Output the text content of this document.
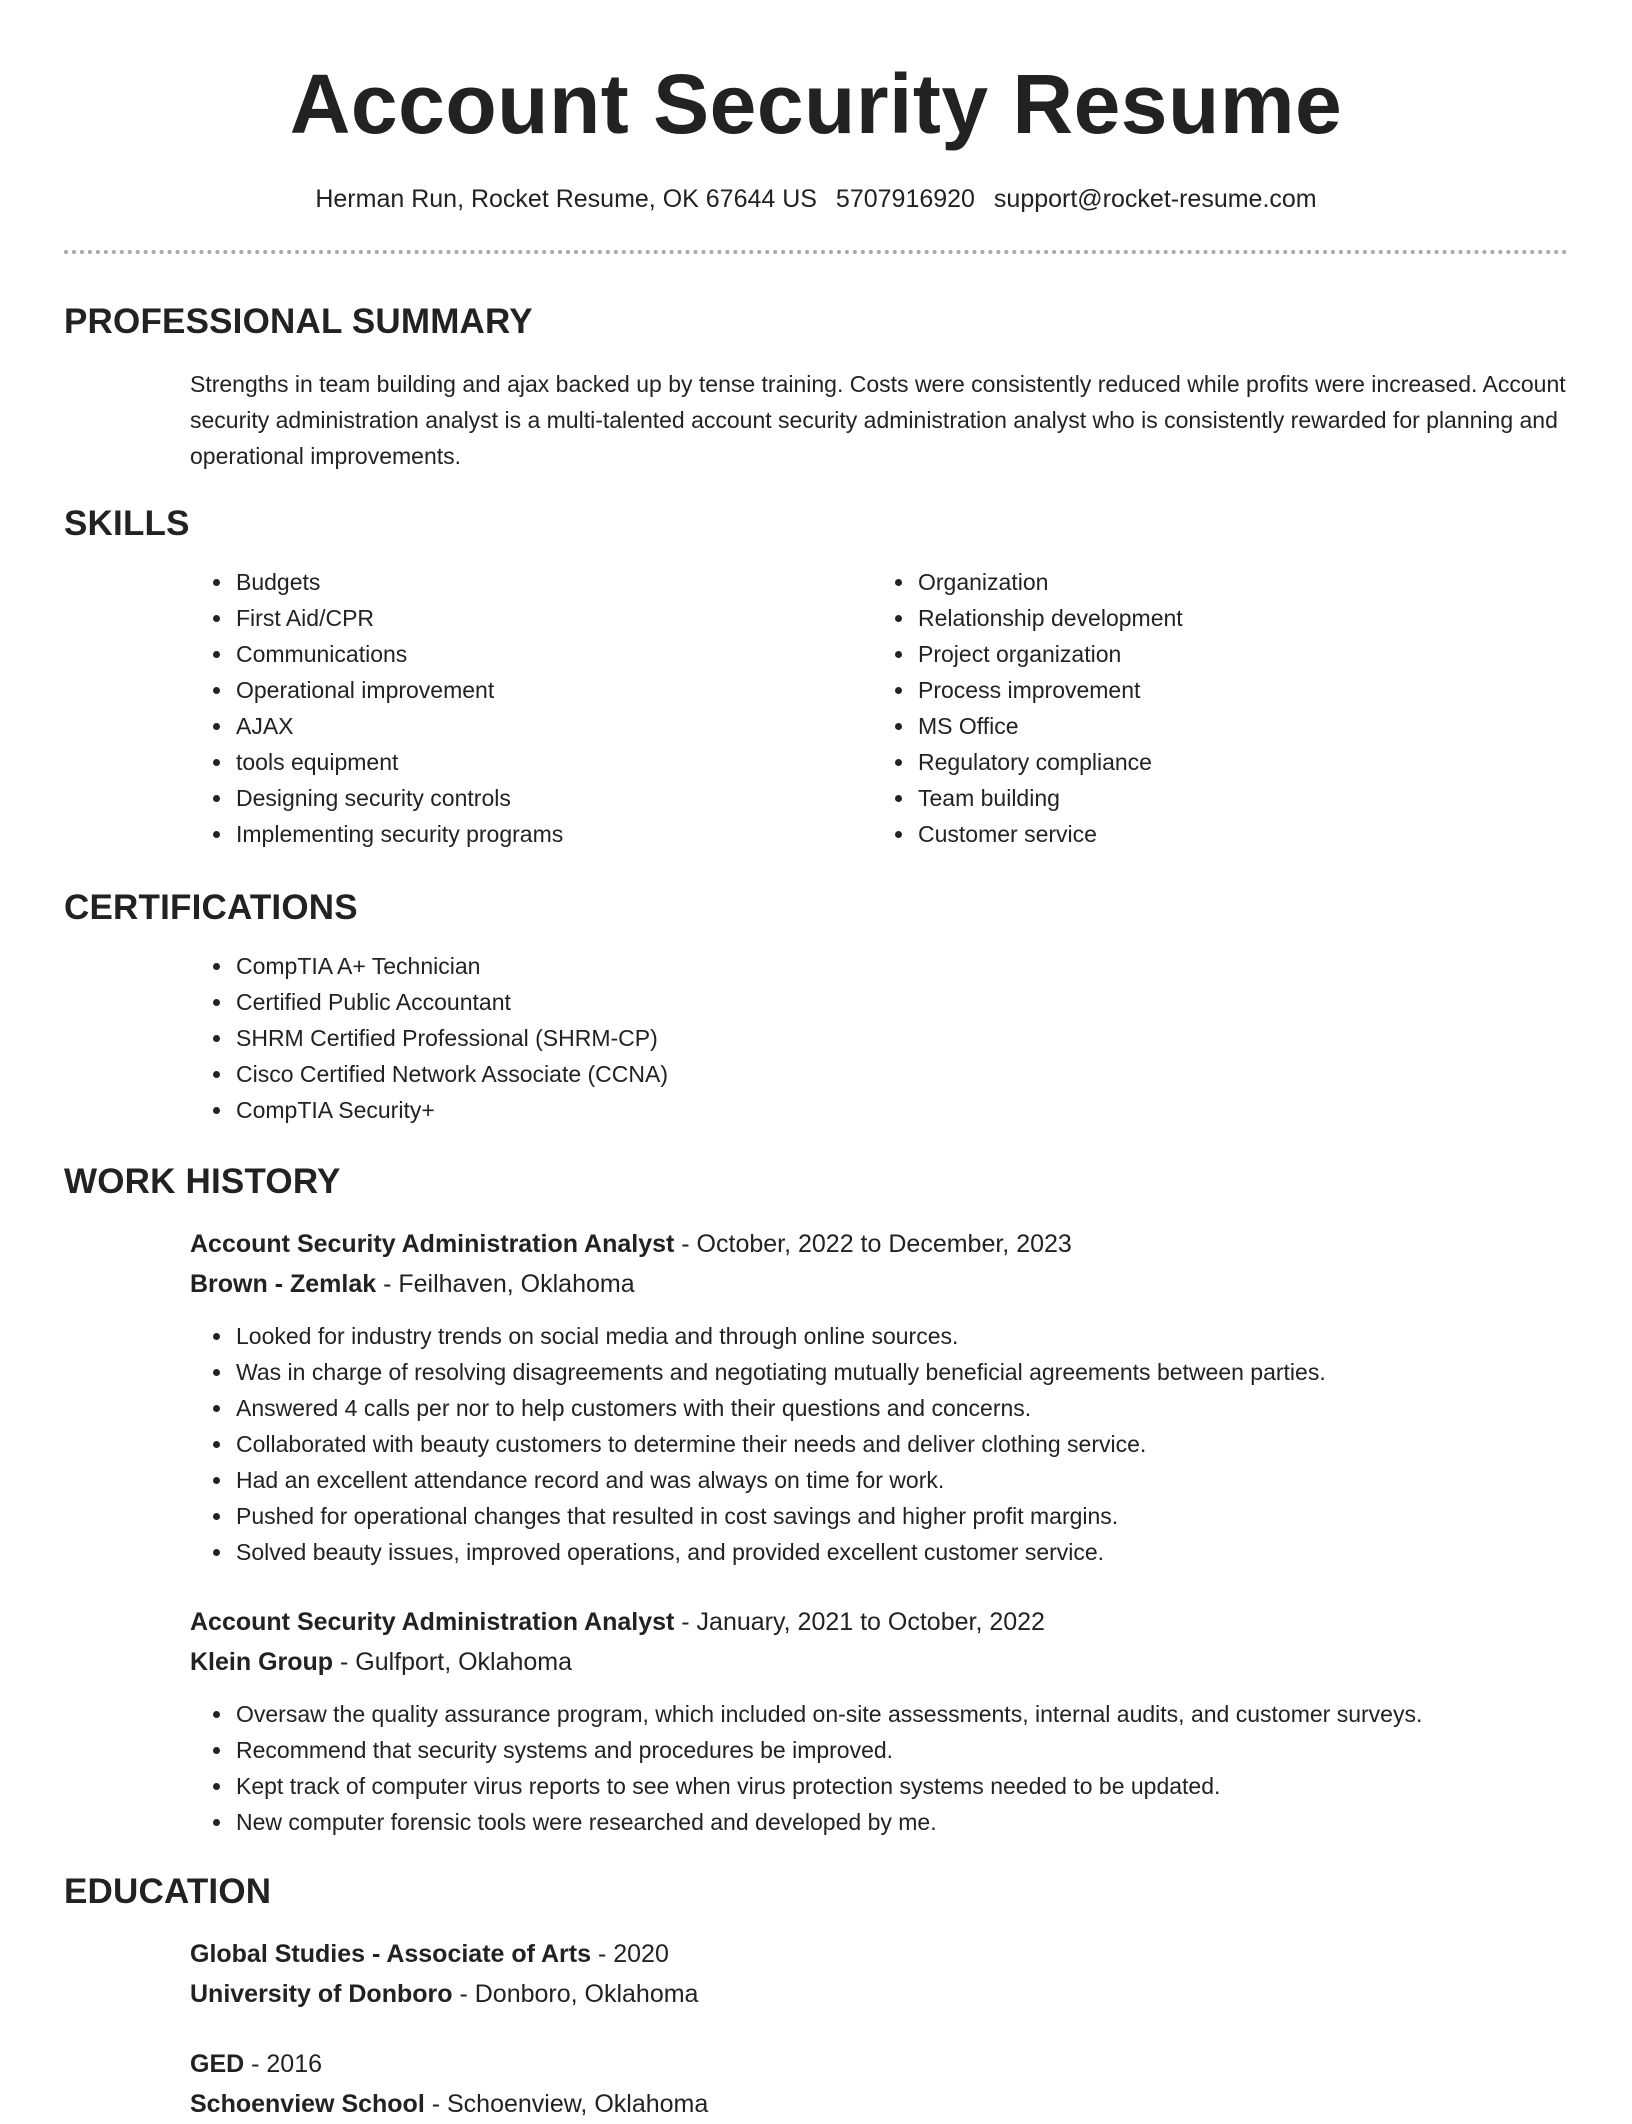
Account Security Resume
Herman Run, Rocket Resume, OK 67644 US 5707916920 support@rocket-resume.com
PROFESSIONAL SUMMARY

Strengths in team building and ajax backed up by tense training. Costs were consistently reduced while profits were increased. Account security administration analyst is a multi-talented account security administration analyst who is consistently rewarded for planning and operational improvements.

SKILLS
• Budgets
• First Aid/CPR
• Communications
• Operational improvement
• AJAX
• tools equipment
• Designing security controls
• Implementing security programs
• Organization
• Relationship development
• Project organization
• Process improvement
• MS Office
• Regulatory compliance
• Team building
• Customer service
CERTIFICATIONS
• CompTIA A+ Technician
• Certified Public Accountant
• SHRM Certified Professional (SHRM-CP)
• Cisco Certified Network Associate (CCNA)
• CompTIA Security+
WORK HISTORY
Account Security Administration Analyst - October, 2022 to December, 2023
Brown - Zemlak - Feilhaven, Oklahoma
• Looked for industry trends on social media and through online sources.
• Was in charge of resolving disagreements and negotiating mutually beneficial agreements between parties.
• Answered 4 calls per nor to help customers with their questions and concerns.
• Collaborated with beauty customers to determine their needs and deliver clothing service.
• Had an excellent attendance record and was always on time for work.
• Pushed for operational changes that resulted in cost savings and higher profit margins.
• Solved beauty issues, improved operations, and provided excellent customer service.
Account Security Administration Analyst - January, 2021 to October, 2022
Klein Group - Gulfport, Oklahoma
• Oversaw the quality assurance program, which included on-site assessments, internal audits, and customer surveys.
• Recommend that security systems and procedures be improved.
• Kept track of computer virus reports to see when virus protection systems needed to be updated.
• New computer forensic tools were researched and developed by me.
EDUCATION
Global Studies - Associate of Arts - 2020
University of Donboro - Donboro, Oklahoma
GED - 2016
Schoenview School - Schoenview, Oklahoma
